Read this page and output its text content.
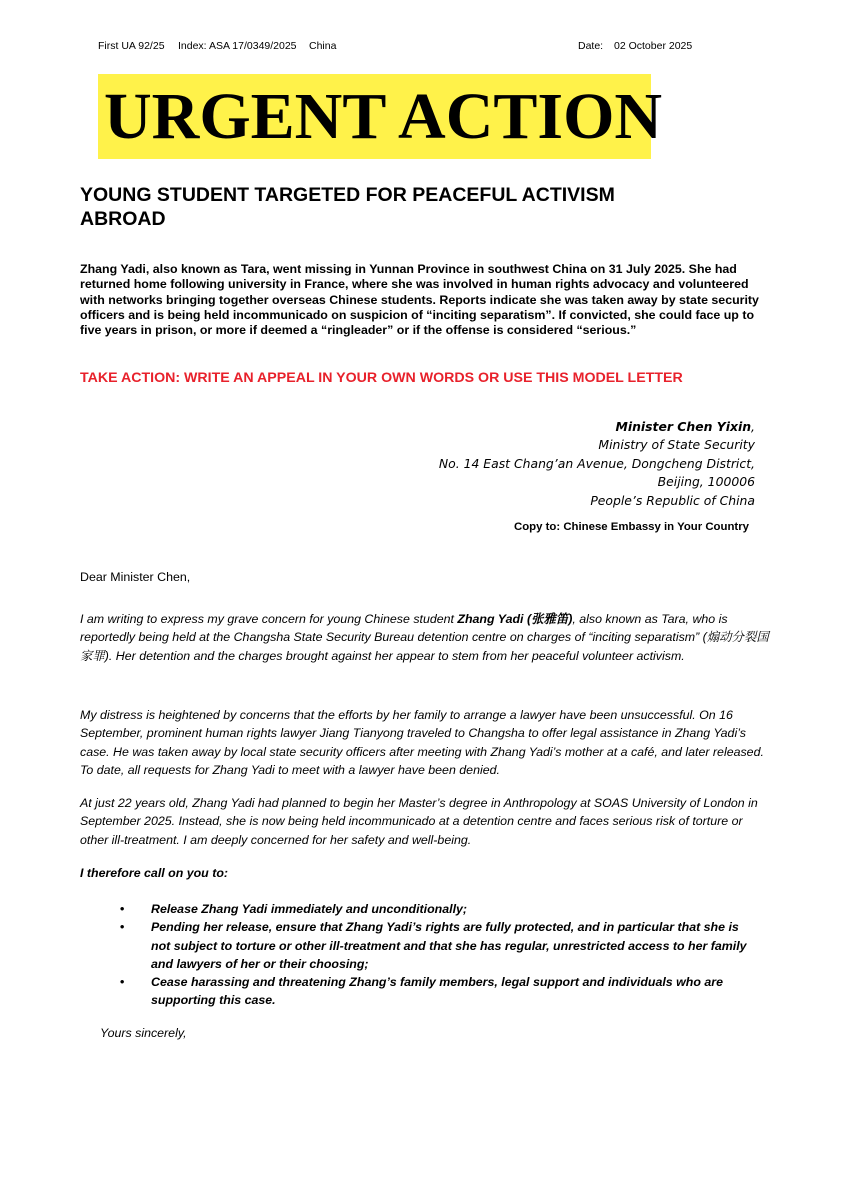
First UA 92/25 Index: ASA 17/0349/2025 China	Date: 02 October 2025
URGENT ACTION
YOUNG STUDENT TARGETED FOR PEACEFUL ACTIVISM
ABROAD
Zhang Yadi, also known as Tara, went missing in Yunnan Province in southwest China on 31 July 2025. She had returned home following university in France, where she was involved in human rights advocacy and volunteered with networks bringing together overseas Chinese students. Reports indicate she was taken away by state security officers and is being held incommunicado on suspicion of “inciting separatism”. If convicted, she could face up to five years in prison, or more if deemed a “ringleader” or if the offense is considered “serious.”
TAKE ACTION: WRITE AN APPEAL IN YOUR OWN WORDS OR USE THIS MODEL LETTER
Minister Chen Yixin,
Ministry of State Security
No. 14 East Chang’an Avenue, Dongcheng District,
Beijing, 100006
People’s Republic of China
Copy to: Chinese Embassy in Your Country
Dear Minister Chen,
I am writing to express my grave concern for young Chinese student Zhang Yadi (张雅笛), also known as Tara, who is reportedly being held at the Changsha State Security Bureau detention centre on charges of “inciting separatism” (煽动分裂国家罪). Her detention and the charges brought against her appear to stem from her peaceful volunteer activism.
My distress is heightened by concerns that the efforts by her family to arrange a lawyer have been unsuccessful. On 16 September, prominent human rights lawyer Jiang Tianyong traveled to Changsha to offer legal assistance in Zhang Yadi’s case. He was taken away by local state security officers after meeting with Zhang Yadi’s mother at a café, and later released. To date, all requests for Zhang Yadi to meet with a lawyer have been denied.
At just 22 years old, Zhang Yadi had planned to begin her Master’s degree in Anthropology at SOAS University of London in September 2025. Instead, she is now being held incommunicado at a detention centre and faces serious risk of torture or other ill-treatment. I am deeply concerned for her safety and well-being.
I therefore call on you to:
• Release Zhang Yadi immediately and unconditionally;
• Pending her release, ensure that Zhang Yadi’s rights are fully protected, and in particular that she is not subject to torture or other ill-treatment and that she has regular, unrestricted access to her family and lawyers of her or their choosing;
• Cease harassing and threatening Zhang’s family members, legal support and individuals who are supporting this case.
Yours sincerely,
